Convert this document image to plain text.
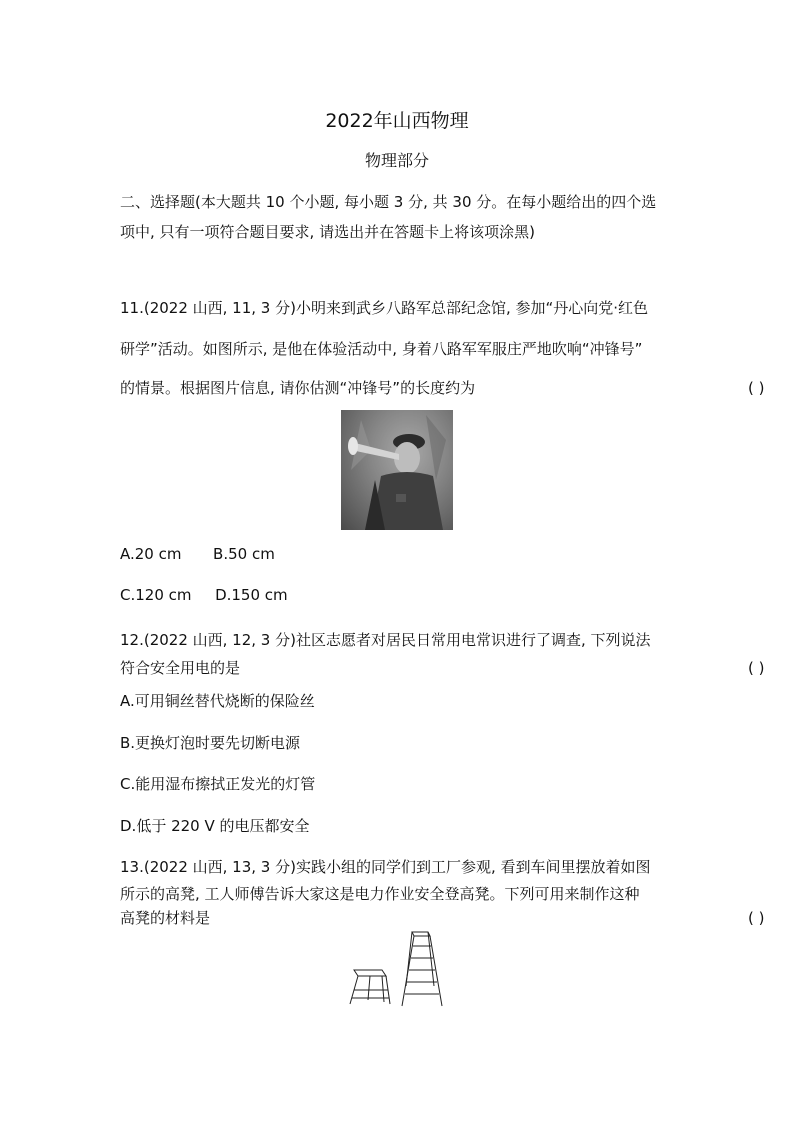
2022年山西物理
物理部分
二、选择题(本大题共 10 个小题, 每小题 3 分, 共 30 分。在每小题给出的四个选
项中, 只有一项符合题目要求, 请选出并在答题卡上将该项涂黑)
11.(2022 山西, 11, 3 分)小明来到武乡八路军总部纪念馆, 参加“丹心向党·红色
研学”活动。如图所示, 是他在体验活动中, 身着八路军军服庄严地吹响“冲锋号”
的情景。根据图片信息, 请你估测“冲锋号”的长度约为	( )
A.20 cm B.50 cm
C.120 cm D.150 cm
12.(2022 山西, 12, 3 分)社区志愿者对居民日常用电常识进行了调查, 下列说法
符合安全用电的是	( )
A.可用铜丝替代烧断的保险丝
B.更换灯泡时要先切断电源
C.能用湿布擦拭正发光的灯管
D.低于 220 V 的电压都安全
13.(2022 山西, 13, 3 分)实践小组的同学们到工厂参观, 看到车间里摆放着如图
所示的高凳, 工人师傅告诉大家这是电力作业安全登高凳。下列可用来制作这种
高凳的材料是	( )
